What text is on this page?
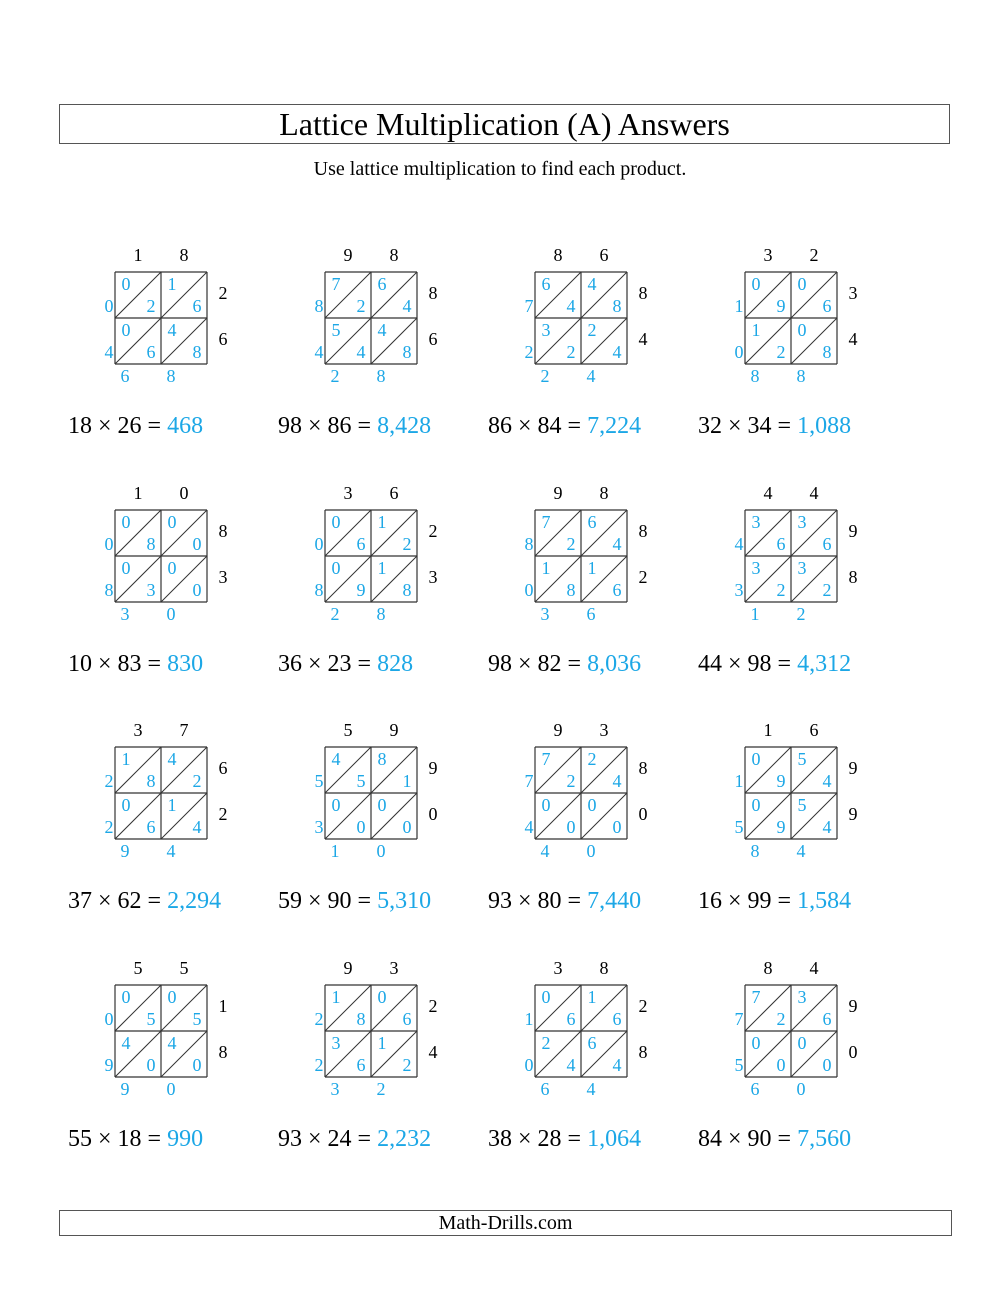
Lattice Multiplication (A) Answers
Use lattice multiplication to find each product.
1 8
2
6
0
2
1
6
0
6
4
8
0
4
6 8
18 × 26 = 468
9 8
8
6
7
2
6
4
5
4
4
8
8
4
2 8
98 × 86 = 8,428
8 6
8
4
6
4
4
8
3
2
2
4
7
2
2 4
86 × 84 = 7,224
3 2
3
4
0
9
0
6
1
2
0
8
1
0
8 8
32 × 34 = 1,088
1 0
8
3
0
8
0
0
0
3
0
0
0
8
3 0
10 × 83 = 830
3 6
2
3
0
6
1
2
0
9
1
8
0
8
2 8
36 × 23 = 828
9 8
8
2
7
2
6
4
1
8
1
6
8
0
3 6
98 × 82 = 8,036
4 4
9
8
3
6
3
6
3
2
3
2
4
3
1 2
44 × 98 = 4,312
3 7
6
2
1
8
4
2
0
6
1
4
2
2
9 4
37 × 62 = 2,294
5 9
9
0
4
5
8
1
0
0
0
0
5
3
1 0
59 × 90 = 5,310
9 3
8
0
7
2
2
4
0
0
0
0
7
4
4 0
93 × 80 = 7,440
1 6
9
9
0
9
5
4
0
9
5
4
1
5
8 4
16 × 99 = 1,584
5 5
1
8
0
5
0
5
4
0
4
0
0
9
9 0
55 × 18 = 990
9 3
2
4
1
8
0
6
3
6
1
2
2
2
3 2
93 × 24 = 2,232
3 8
2
8
0
6
1
6
2
4
6
4
1
0
6 4
38 × 28 = 1,064
8 4
9
0
7
2
3
6
0
0
0
0
7
5
6 0
84 × 90 = 7,560
Math-Drills.com
